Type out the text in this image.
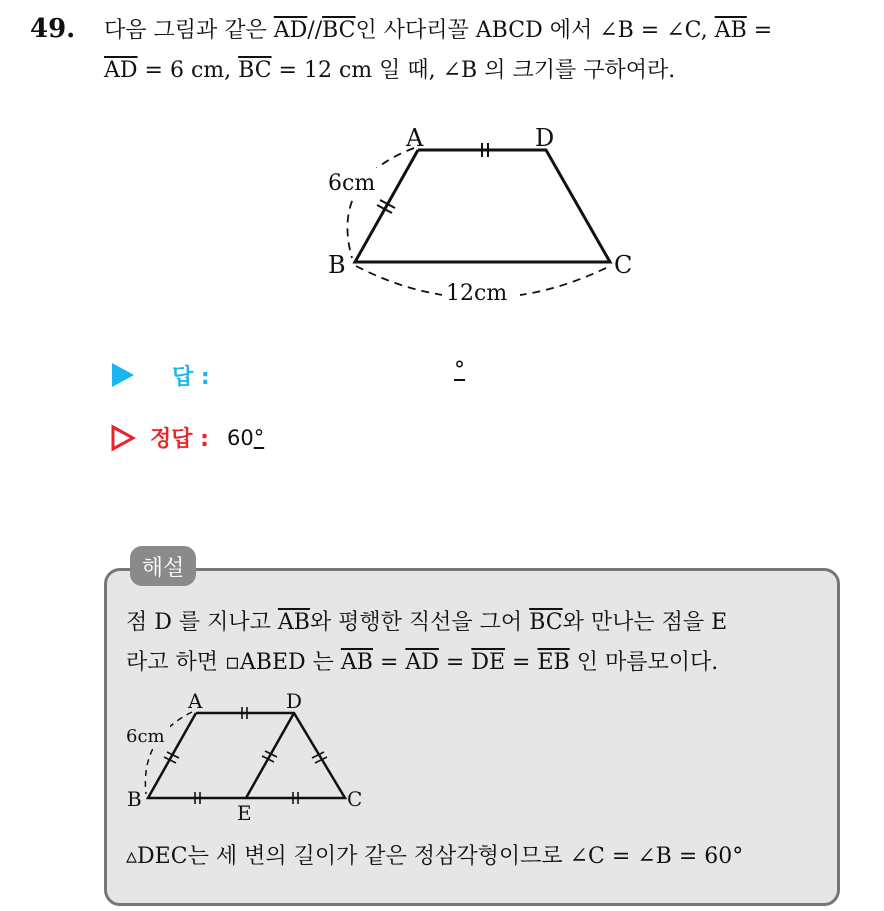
49. 다음 그림과 같은 $\overline{AD}//\overline{BC}$인 사다리꼴 ABCD 에서 ∠B = ∠C, $\overline{AB}$ =
$\overline{AD} = 6$ cm, $\overline{BC} = 12$ cm 일 때, ∠B 의 크기를 구하여라.
A	D
B	C
6cm
12cm
답 :	°
정답 : 60°
해설
점 D 를 지나고 $\overline{AB}$와 평행한 직선을 그어 $\overline{BC}$와 만나는 점을 E
라고 하면 ▫ABED 는 $\overline{AB} = \overline{AD} = \overline{DE} = \overline{EB}$ 인 마름모이다.
A	D
B	C
E
6cm
▵DEC는 세 변의 길이가 같은 정삼각형이므로 ∠C = ∠B = 60°
